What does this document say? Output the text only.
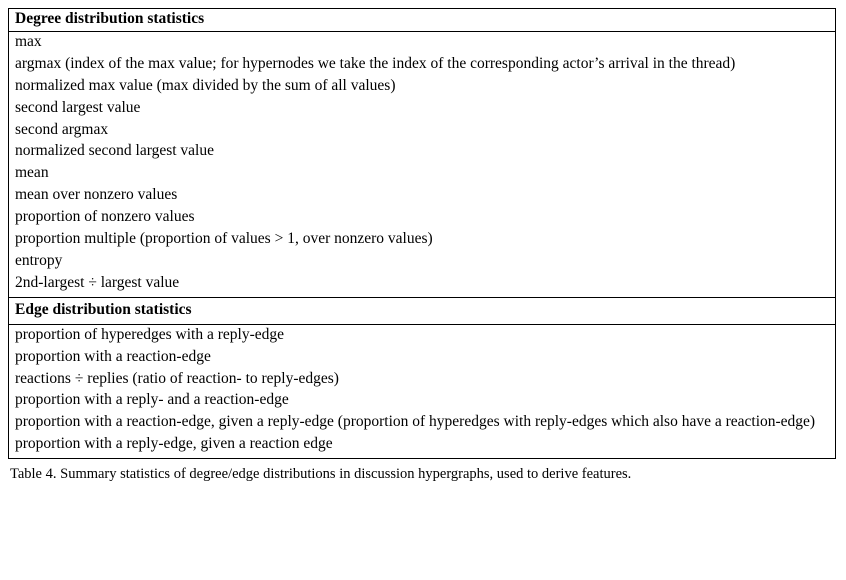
Degree distribution statistics
max
argmax (index of the max value; for hypernodes we take the index of the corresponding actor’s arrival in the thread)
normalized max value (max divided by the sum of all values)
second largest value
second argmax
normalized second largest value
mean
mean over nonzero values
proportion of nonzero values
proportion multiple (proportion of values > 1, over nonzero values)
entropy
2nd-largest ÷ largest value
Edge distribution statistics
proportion of hyperedges with a reply-edge
proportion with a reaction-edge
reactions ÷ replies (ratio of reaction- to reply-edges)
proportion with a reply- and a reaction-edge
proportion with a reaction-edge, given a reply-edge (proportion of hyperedges with reply-edges which also have a reaction-edge)
proportion with a reply-edge, given a reaction edge
Table 4. Summary statistics of degree/edge distributions in discussion hypergraphs, used to derive features.
